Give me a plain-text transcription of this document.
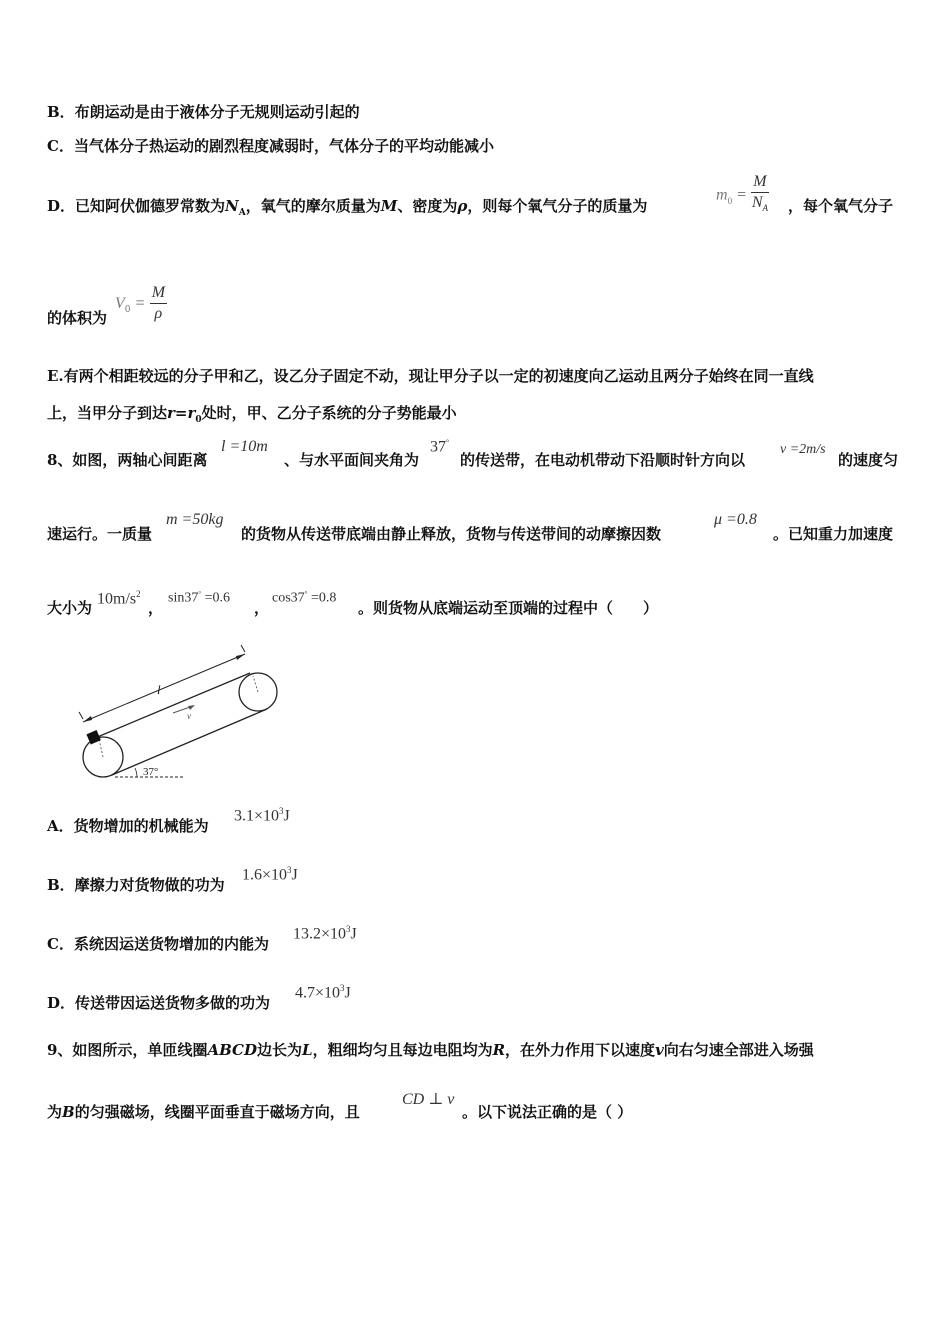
B．布朗运动是由于液体分子无规则运动引起的
C．当气体分子热运动的剧烈程度减弱时，气体分子的平均动能减小
D．已知阿伏伽德罗常数为$N_A$，氧气的摩尔质量为M、密度为ρ，则每个氧气分子的质量为
$m_0 = \frac{M}{N_A}$ ，每个氧气分子
的体积为
$V_0 = \frac{M}{\rho}$
E.有两个相距较远的分子甲和乙，设乙分子固定不动，现让甲分子以一定的初速度向乙运动且两分子始终在同一直线
上，当甲分子到达$r=r_0$处时，甲、乙分子系统的分子势能最小
8、如图，两轴心间距离
l =10m
、与水平面间夹角为
37°
的传送带，在电动机带动下沿顺时针方向以
v =2m/s
的速度匀
速运行。一质量
m =50kg
的货物从传送带底端由静止释放，货物与传送带间的动摩擦因数
μ =0.8
。已知重力加速度
大小为
$10m/s^2$
，
sin37° =0.6
，
cos37° =0.8
。则货物从底端运动至顶端的过程中（　　）
l
v
37°
A．货物增加的机械能为
$3.1\times 10^3J$
B．摩擦力对货物做的功为
$1.6\times 10^3J$
C．系统因运送货物增加的内能为
$13.2\times 10^3J$
D．传送带因运送货物多做的功为
$4.7\times 10^3J$
9、如图所示，单匝线圈ABCD边长为L，粗细均匀且每边电阻均为R，在外力作用下以速度v向右匀速全部进入场强
为B的匀强磁场，线圈平面垂直于磁场方向，且
CD ⊥ v
。以下说法正确的是（ ）
